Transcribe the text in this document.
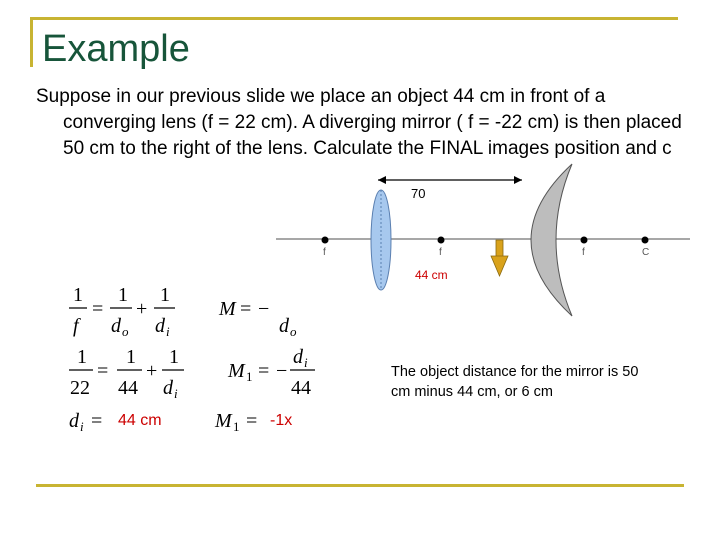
Example
Suppose in our previous slide we place an object 44 cm in front of a converging lens (f = 22 cm). A diverging mirror ( f = -22 cm) is then placed 50 cm to the right of the lens. Calculate the FINAL images position and c
70
f	f	f	C
44 cm
1
f
=
1
d o
+
1
d i
M = −
d o
1
22
=
1
44
+
1
d i
M 1 = −
d i
44
d i = 44 cm	M 1 = -1x
The object distance for the mirror is 50 cm minus 44 cm, or 6 cm
